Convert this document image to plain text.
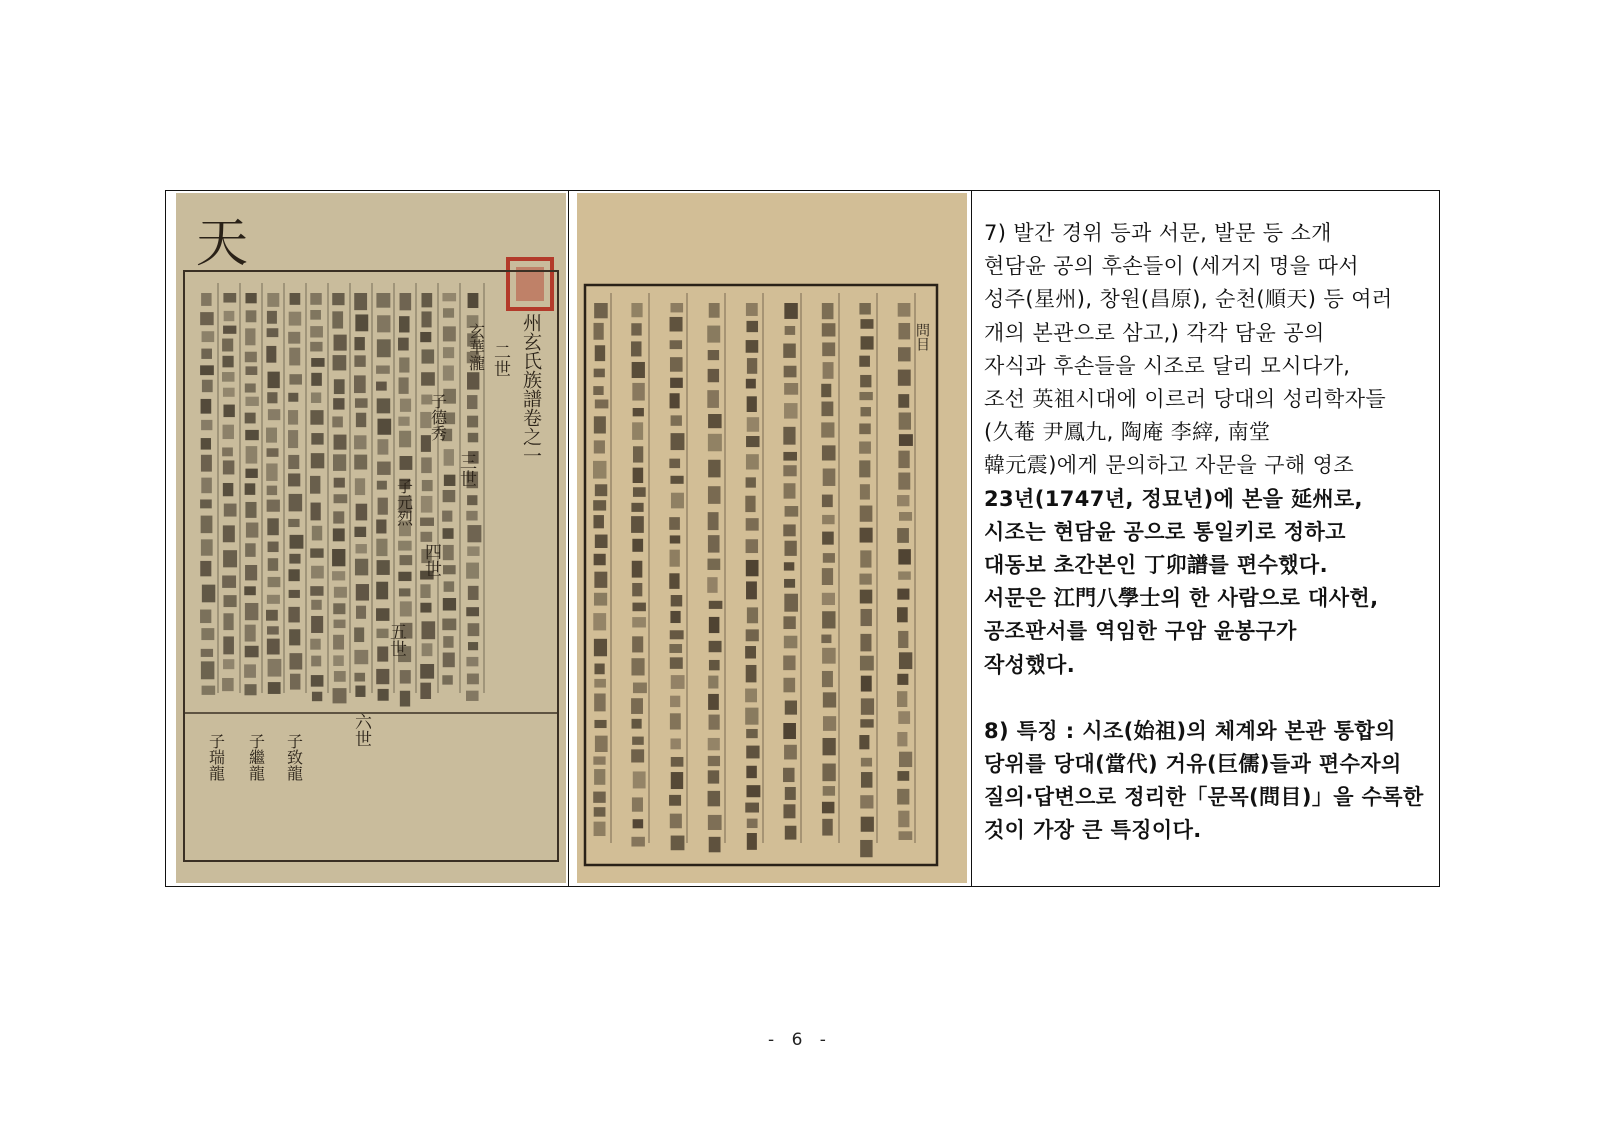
天
州玄氏族譜卷之一
二世
三世
四世
五世
六世
玄華瀧
子德秀
子元烈
子致龍
子繼龍
子瑞龍
問目

7) 발간 경위 등과 서문, 발문 등 소개

현담윤 공의 후손들이 (세거지 명을 따서

성주(星州), 창원(昌原), 순천(順天) 등 여러

개의 본관으로 삼고,) 각각 담윤 공의

자식과 후손들을 시조로 달리 모시다가,

조선 英祖시대에 이르러 당대의 성리학자들

(久菴 尹鳳九, 陶庵 李縡, 南堂

韓元震)에게 문의하고 자문을 구해 영조

23년(1747년, 정묘년)에 본을 延州로,

시조는 현담윤 공으로 통일키로 정하고

대동보 초간본인 丁卯譜를 편수했다.

서문은 江門八學士의 한 사람으로 대사헌,

공조판서를 역임한 구암 윤봉구가

작성했다.

8) 특징 : 시조(始祖)의 체계와 본관 통합의

당위를 당대(當代) 거유(巨儒)들과 편수자의

질의·답변으로 정리한「문목(問目)」을 수록한

것이 가장 큰 특징이다.

- 6 -
